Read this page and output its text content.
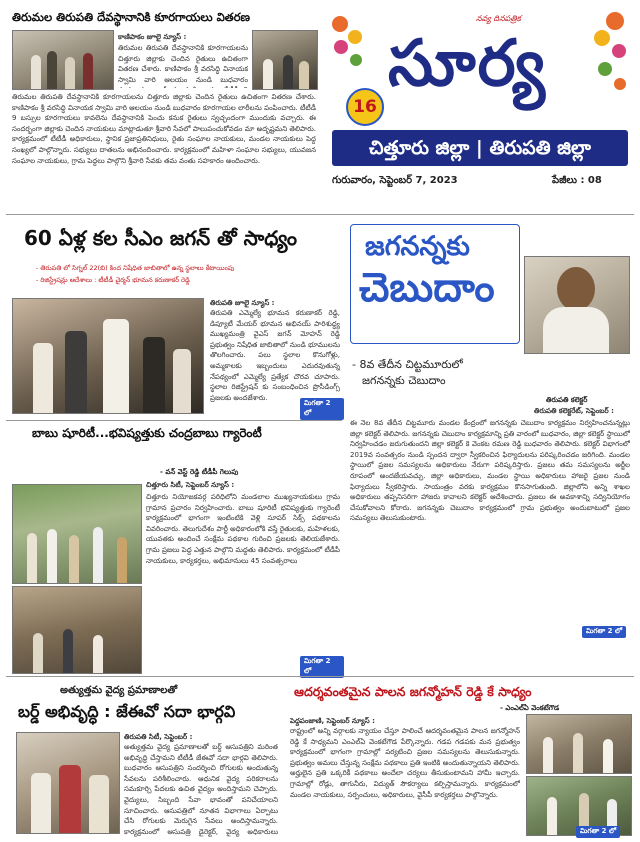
తిరుమల తిరుపతి దేవస్థానానికి కూరగాయలు వితరణ
కాణిపాకం జూలై న్యూస్ :
తిరుమల తిరుపతి దేవస్థానానికి కూరగాయలను చిత్తూరు జిల్లాకు చెందిన రైతులు ఉచితంగా వితరణ చేశారు. కాణిపాకం శ్రీ వరసిద్ధి వినాయక స్వామి వారి ఆలయం నుండి బుధవారం
తిరుమల తిరుపతి దేవస్థానానికి కూరగాయలను చిత్తూరు జిల్లాకు చెందిన రైతులు ఉచితంగా వితరణ చేశారు. కాణిపాకం శ్రీ వరసిద్ధి వినాయక స్వామి వారి ఆలయం నుండి బుధవారం కూరగాయల లారీలను పంపించారు. టీటీడీ 9 బస్సుల కూరగాయలు కావలెను దేవస్థానానికి పెంచు కనుక రైతులు స్వచ్ఛందంగా ముందుకు వచ్చారు. ఈ సందర్భంగా జిల్లాకు చెందిన నాయకులు మాట్లాడుతూ శ్రీవారి సేవలో పాలుపంచుకోవడం మా అదృష్టమని తెలిపారు. కార్యక్రమంలో టీటీడీ అధికారులు, స్థానిక ప్రజాప్రతినిధులు, రైతు సంఘాల నాయకులు, మండల నాయకులు పెద్ద సంఖ్యలో పాల్గొన్నారు. సభ్యులు దాతలను అభినందించారు. కార్యక్రమంలో మహిళా సంఘాల సభ్యులు, యువజన సంఘాల నాయకులు, గ్రామ పెద్దలు పాల్గొని శ్రీవారి సేవకు తమ వంతు సహకారం అందించారు.
16
నవ్య దినపత్రిక
సూర్య
చిత్తూరు జిల్లా | తిరుపతి జిల్లా
గురువారం, సెప్టెంబర్ 7, 2023	పేజీలు : 08
60 ఏళ్ల కల సీఎం జగన్ తో సాధ్యం
- తిరుపతి లో సిగ్నల్ 22(బి) కింద నిషేధిత జాబితాలో ఉన్న స్థలాలు కేటాయింపు
- రిజిస్ట్రేషన్లు ఆదేశాలు : టీటీడీ చైర్మన్ భూమన కరుణాకర్ రెడ్డి
తిరుపతి జూలై న్యూస్ :
తిరుపతి ఎమ్మెల్యే భూమన కరుణాకర్ రెడ్డి, డిప్యూటీ మేయర్ భూమన అభినయ్ పారిశుద్ధ్య ముఖ్యమంత్రి వైఎస్ జగన్ మోహన్ రెడ్డి ప్రభుత్వం నిషేధిత జాబితాలో నుండి భూములను తొలగించారు. పలు స్థలాల కొనుగోళ్లు, అమ్మకాలకు ఇబ్బందులు ఎదురవుతున్న నేపథ్యంలో ఎమ్మెల్యే ప్రత్యేక చొరవ చూపారు. స్థలాల రిజిస్ట్రేషన్ కు సంబంధించిన ప్రొసీడింగ్స్ ప్రజలకు అందజేశారు.
మిగతా 2 లో
జగనన్నకు
చెబుదాం
- 8వ తేదీన చిట్టమూరులో
జగనన్నకు చెబుదాం
తిరుపతి కలెక్టర్
తిరుపతి కలెక్టరేట్, సెప్టెంబర్ :
ఈ నెల 8వ తేదీన చిట్టమూరు మండల కేంద్రంలో జగనన్నకు చెబుదాం కార్యక్రమం నిర్వహించనున్నట్లు జిల్లా కలెక్టర్ తెలిపారు. జగనన్నకు చెబుదాం కార్యక్రమాన్ని ప్రతి వారంలో బుధవారం, జిల్లా కలెక్టర్ స్థాయిలో నిర్వహించడం జరుగుతుందని జిల్లా కలెక్టర్ కె వెంకట రమణ రెడ్డి బుధవారం తెలిపారు. కలెక్టర్ విభాగంలో 2019వ సంవత్సరం నుండి స్పందన ద్వారా స్వీకరించిన ఫిర్యాదులను పరిష్కరించడం జరిగింది. మండల స్థాయిలో ప్రజల సమస్యలను అధికారులు నేరుగా పరిష్కరిస్తారు. ప్రజలు తమ సమస్యలను అర్జీల రూపంలో అందజేయవచ్చు. జిల్లా అధికారులు, మండల స్థాయి అధికారులు హాజరై ప్రజల నుండి ఫిర్యాదులు స్వీకరిస్తారు. సాయంత్రం వరకు కార్యక్రమం కొనసాగుతుంది. జిల్లాలోని అన్ని శాఖల అధికారులు తప్పనిసరిగా హాజరు కావాలని కలెక్టర్ ఆదేశించారు. ప్రజలు ఈ అవకాశాన్ని సద్వినియోగం చేసుకోవాలని కోరారు. జగనన్నకు చెబుదాం కార్యక్రమంలో గ్రామ ప్రభుత్వం అందుబాటులో ప్రజల సమస్యలు తెలుసుకుంటారు.
మిగతా 2 లో
బాబు షూరిటీ...భవిష్యత్తుకు చంద్రబాబు గ్యారెంటీ
- వన్ వెస్ట్ రెడ్డి టీడీపీ గెలుపు
చిత్తూరు సిటీ, సెప్టెంబర్ న్యూస్ :
చిత్తూరు నియోజకవర్గ పరిధిలోని మండలాల ముఖ్యనాయకులు గ్రామ గ్రామాన ప్రచారం నిర్వహించారు. బాబు షూరిటీ భవిష్యత్తుకు గ్యారెంటీ కార్యక్రమంలో భాగంగా ఇంటింటికి వెళ్లి సూపర్ సిక్స్ పథకాలను వివరించారు. తెలుగుదేశం పార్టీ అధికారంలోకి వస్తే రైతులకు, మహిళలకు, యువతకు అందించే సంక్షేమ పథకాల గురించి ప్రజలకు తెలియజేశారు. గ్రామ ప్రజలు పెద్ద ఎత్తున పాల్గొని మద్దతు తెలిపారు. కార్యక్రమంలో టీడీపీ నాయకులు, కార్యకర్తలు, అభిమానులు 45 సంవత్సరాలు
మిగతా 2 లో
అత్యుత్తమ వైద్య ప్రమాణాలతో
బర్డ్ అభివృద్ధి : జేఈవో సదా భార్గవి
తిరుపతి సిటీ, సెప్టెంబర్ :
అత్యుత్తమ వైద్య ప్రమాణాలతో బర్డ్ ఆసుపత్రిని మరింత అభివృద్ధి చేస్తామని టీటీడీ జేఈవో సదా భార్గవి తెలిపారు. బుధవారం ఆసుపత్రిని సందర్శించి రోగులకు అందుతున్న సేవలను పరిశీలించారు. ఆధునిక వైద్య పరికరాలను సమకూర్చి పేదలకు ఉచిత వైద్యం అందిస్తామని చెప్పారు. వైద్యులు, సిబ్బంది సేవా భావంతో పనిచేయాలని సూచించారు. ఆసుపత్రిలో నూతన విభాగాలు ఏర్పాటు చేసి రోగులకు మెరుగైన సేవలు అందిస్తామన్నారు. కార్యక్రమంలో ఆసుపత్రి డైరెక్టర్, వైద్య అధికారులు
ఆదర్శవంతమైన పాలన జగన్మోహన్ రెడ్డి కే సాధ్యం
- ఎంఎల్ఏ వెంకటేగౌడ
పెద్దపంజాణి, సెప్టెంబర్ న్యూస్ :
రాష్ట్రంలో అన్ని వర్గాలకు న్యాయం చేస్తూ పాలించే ఆదర్శవంతమైన పాలన జగన్మోహన్ రెడ్డి కే సాధ్యమని ఎంఎల్ఏ వెంకటేగౌడ పేర్కొన్నారు. గడప గడపకు మన ప్రభుత్వం కార్యక్రమంలో భాగంగా గ్రామాల్లో పర్యటించి ప్రజల సమస్యలను తెలుసుకున్నారు. ప్రభుత్వం అమలు చేస్తున్న సంక్షేమ పథకాలు ప్రతి ఇంటికి అందుతున్నాయని తెలిపారు. అర్హులైన ప్రతి ఒక్కరికీ పథకాలు అందేలా చర్యలు తీసుకుంటామని హామీ ఇచ్చారు. గ్రామాల్లో రోడ్లు, తాగునీరు, విద్యుత్ సౌకర్యాలు కల్పిస్తామన్నారు. కార్యక్రమంలో మండల నాయకులు, సర్పంచులు, అధికారులు, వైసీపీ కార్యకర్తలు పాల్గొన్నారు.
మిగతా 2 లో
